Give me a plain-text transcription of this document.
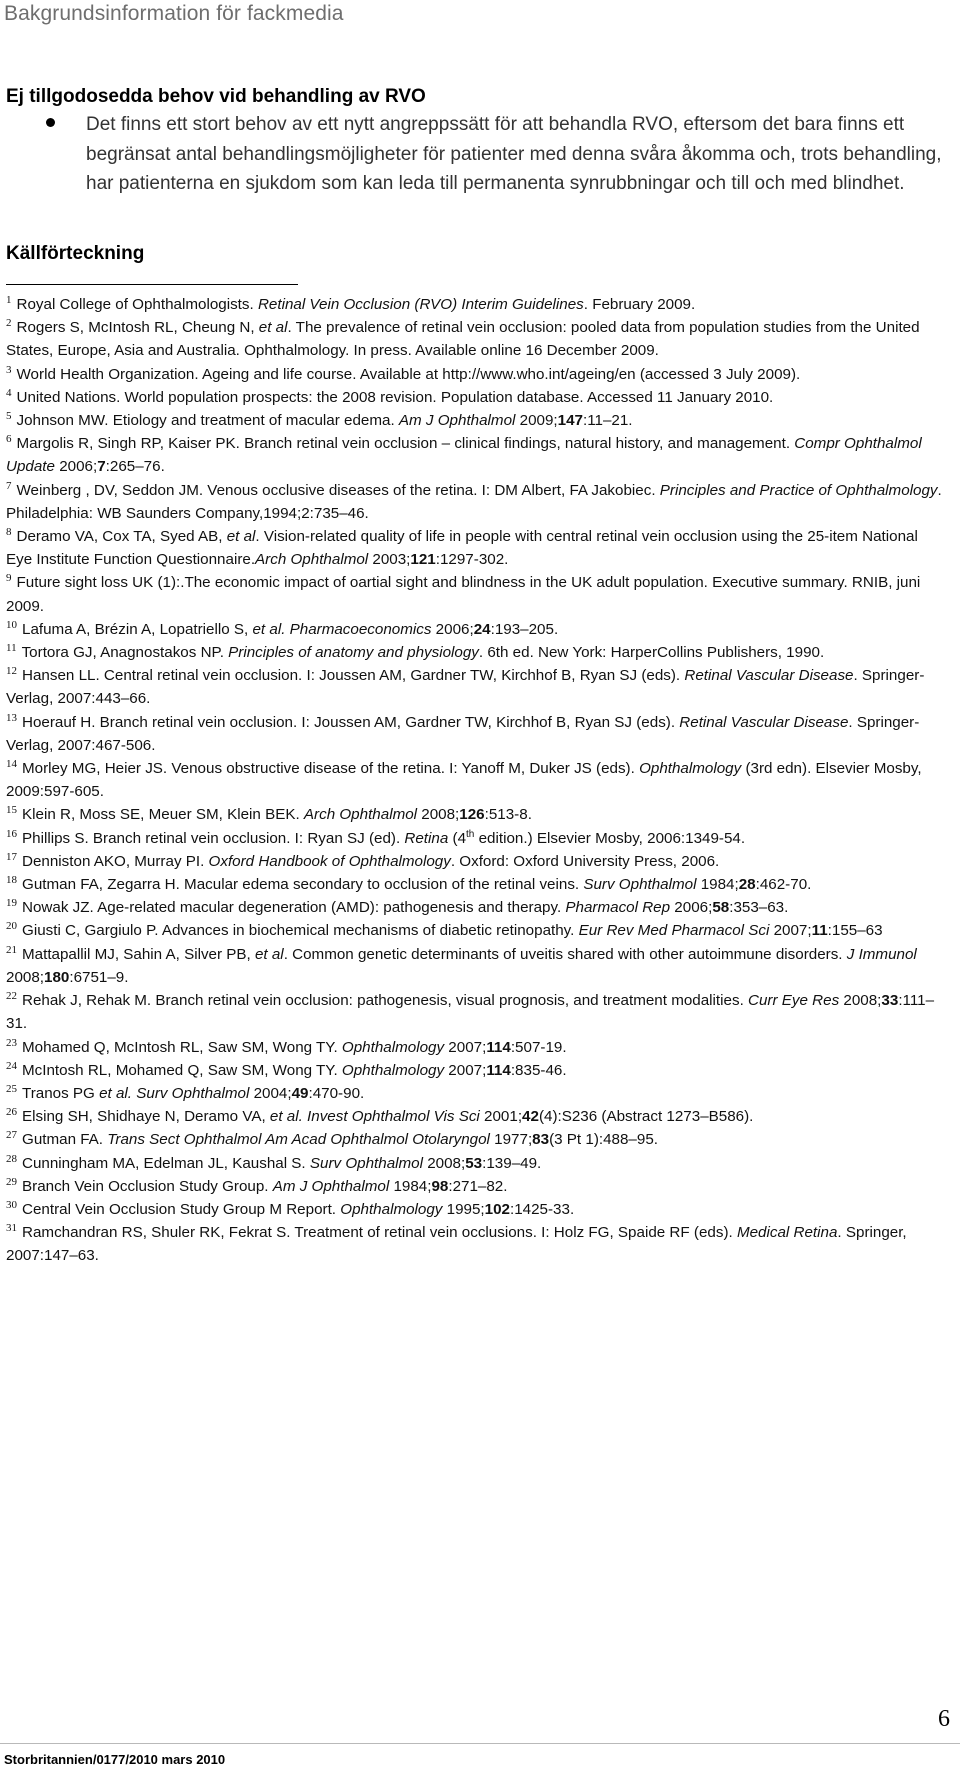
Bakgrundsinformation för fackmedia
Ej tillgodosedda behov vid behandling av RVO
Det finns ett stort behov av ett nytt angreppssätt för att behandla RVO, eftersom det bara finns ett begränsat antal behandlingsmöjligheter för patienter med denna svåra åkomma och, trots behandling, har patienterna en sjukdom som kan leda till permanenta synrubbningar och till och med blindhet.
Källförteckning
$^1$ Royal College of Ophthalmologists. Retinal Vein Occlusion (RVO) Interim Guidelines. February 2009.
$^2$ Rogers S, McIntosh RL, Cheung N, et al. The prevalence of retinal vein occlusion: pooled data from population studies from the United States, Europe, Asia and Australia. Ophthalmology. In press. Available online 16 December 2009.
$^3$ World Health Organization. Ageing and life course. Available at http://www.who.int/ageing/en (accessed 3 July 2009).
$^4$ United Nations. World population prospects: the 2008 revision. Population database. Accessed 11 January 2010.
$^5$ Johnson MW. Etiology and treatment of macular edema. Am J Ophthalmol 2009;147:11–21.
$^6$ Margolis R, Singh RP, Kaiser PK. Branch retinal vein occlusion – clinical findings, natural history, and management. Compr Ophthalmol Update 2006;7:265–76.
$^7$ Weinberg , DV, Seddon JM. Venous occlusive diseases of the retina. I: DM Albert, FA Jakobiec. Principles and Practice of Ophthalmology. Philadelphia: WB Saunders Company,1994;2:735–46.
$^8$ Deramo VA, Cox TA, Syed AB, et al. Vision-related quality of life in people with central retinal vein occlusion using the 25-item National Eye Institute Function Questionnaire.Arch Ophthalmol 2003;121:1297-302.
$^9$ Future sight loss UK (1):.The economic impact of oartial sight and blindness in the UK adult population. Executive summary. RNIB, juni 2009.
$^{10}$ Lafuma A, Brézin A, Lopatriello S, et al. Pharmacoeconomics 2006;24:193–205.
$^{11}$ Tortora GJ, Anagnostakos NP. Principles of anatomy and physiology. 6th ed. New York: HarperCollins Publishers, 1990.
$^{12}$ Hansen LL. Central retinal vein occlusion. I: Joussen AM, Gardner TW, Kirchhof B, Ryan SJ (eds). Retinal Vascular Disease. Springer-Verlag, 2007:443–66.
$^{13}$ Hoerauf H. Branch retinal vein occlusion. I: Joussen AM, Gardner TW, Kirchhof B, Ryan SJ (eds). Retinal Vascular Disease. Springer-Verlag, 2007:467-506.
$^{14}$ Morley MG, Heier JS. Venous obstructive disease of the retina. I: Yanoff M, Duker JS (eds). Ophthalmology (3rd edn). Elsevier Mosby, 2009:597-605.
$^{15}$ Klein R, Moss SE, Meuer SM, Klein BEK. Arch Ophthalmol 2008;126:513-8.
$^{16}$ Phillips S. Branch retinal vein occlusion. I: Ryan SJ (ed). Retina (4th edition.) Elsevier Mosby, 2006:1349-54.
$^{17}$ Denniston AKO, Murray PI. Oxford Handbook of Ophthalmology. Oxford: Oxford University Press, 2006.
$^{18}$ Gutman FA, Zegarra H. Macular edema secondary to occlusion of the retinal veins. Surv Ophthalmol 1984;28:462-70.
$^{19}$ Nowak JZ. Age-related macular degeneration (AMD): pathogenesis and therapy. Pharmacol Rep 2006;58:353–63.
$^{20}$ Giusti C, Gargiulo P. Advances in biochemical mechanisms of diabetic retinopathy. Eur Rev Med Pharmacol Sci 2007;11:155–63
$^{21}$ Mattapallil MJ, Sahin A, Silver PB, et al. Common genetic determinants of uveitis shared with other autoimmune disorders. J Immunol 2008;180:6751–9.
$^{22}$ Rehak J, Rehak M. Branch retinal vein occlusion: pathogenesis, visual prognosis, and treatment modalities. Curr Eye Res 2008;33:111–31.
$^{23}$ Mohamed Q, McIntosh RL, Saw SM, Wong TY. Ophthalmology 2007;114:507-19.
$^{24}$ McIntosh RL, Mohamed Q, Saw SM, Wong TY. Ophthalmology 2007;114:835-46.
$^{25}$ Tranos PG et al. Surv Ophthalmol 2004;49:470-90.
$^{26}$ Elsing SH, Shidhaye N, Deramo VA, et al. Invest Ophthalmol Vis Sci 2001;42(4):S236 (Abstract 1273–B586).
$^{27}$ Gutman FA. Trans Sect Ophthalmol Am Acad Ophthalmol Otolaryngol 1977;83(3 Pt 1):488–95.
$^{28}$ Cunningham MA, Edelman JL, Kaushal S. Surv Ophthalmol 2008;53:139–49.
$^{29}$ Branch Vein Occlusion Study Group. Am J Ophthalmol 1984;98:271–82.
$^{30}$ Central Vein Occlusion Study Group M Report. Ophthalmology 1995;102:1425-33.
$^{31}$ Ramchandran RS, Shuler RK, Fekrat S. Treatment of retinal vein occlusions. I: Holz FG, Spaide RF (eds). Medical Retina. Springer, 2007:147–63.
6
Storbritannien/0177/2010 mars 2010
